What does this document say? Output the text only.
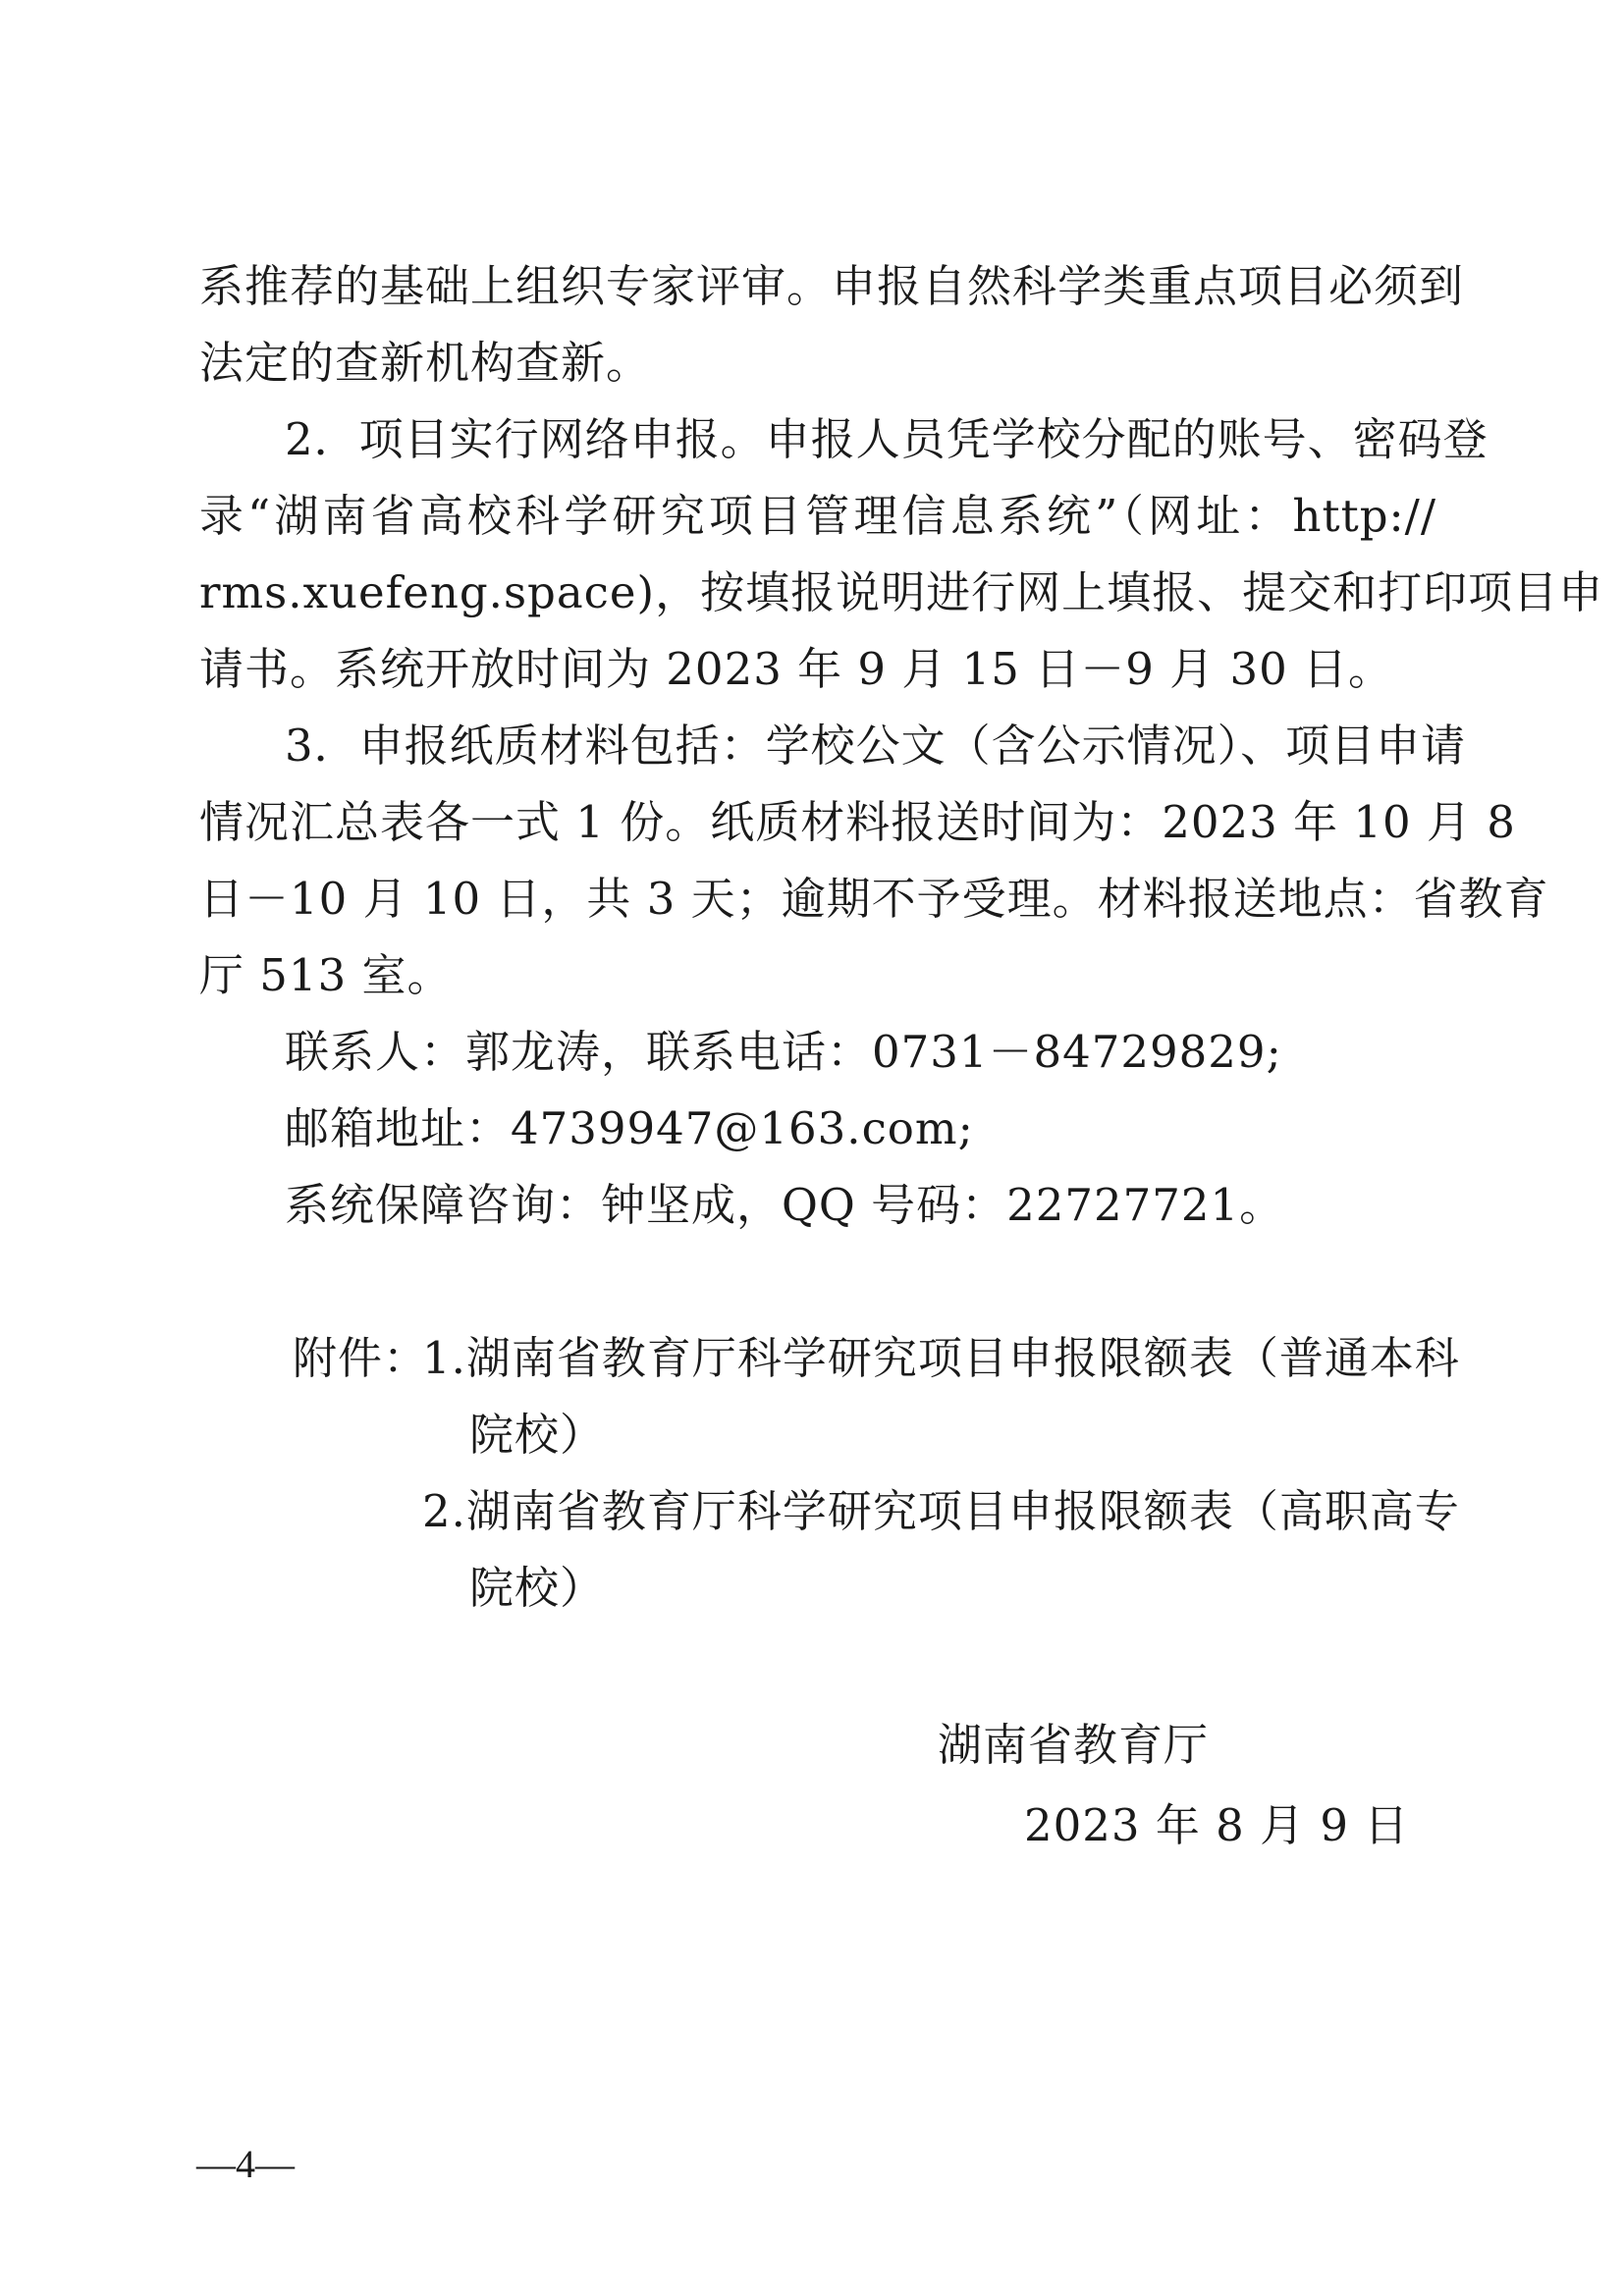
系推荐的基础上组织专家评审。申报自然科学类重点项目必须到
法定的查新机构查新。
2．项目实行网络申报。申报人员凭学校分配的账号、密码登
录“湖南省高校科学研究项目管理信息系统”（网址：http://
rms.xuefeng.space)，按填报说明进行网上填报、提交和打印项目申
请书。系统开放时间为 2023 年 9 月 15 日－9 月 30 日。
3．申报纸质材料包括：学校公文（含公示情况）、项目申请
情况汇总表各一式 1 份。纸质材料报送时间为：2023 年 10 月 8
日－10 月 10 日，共 3 天；逾期不予受理。材料报送地点：省教育
厅 513 室。
联系人：郭龙涛，联系电话：0731－84729829;
邮箱地址：4739947@163.com;
系统保障咨询：钟坚成，QQ 号码：22727721。
附件：
1.湖南省教育厅科学研究项目申报限额表（普通本科
院校）
2.湖南省教育厅科学研究项目申报限额表（高职高专
院校）
湖南省教育厅
2023 年 8 月 9 日
—4—
